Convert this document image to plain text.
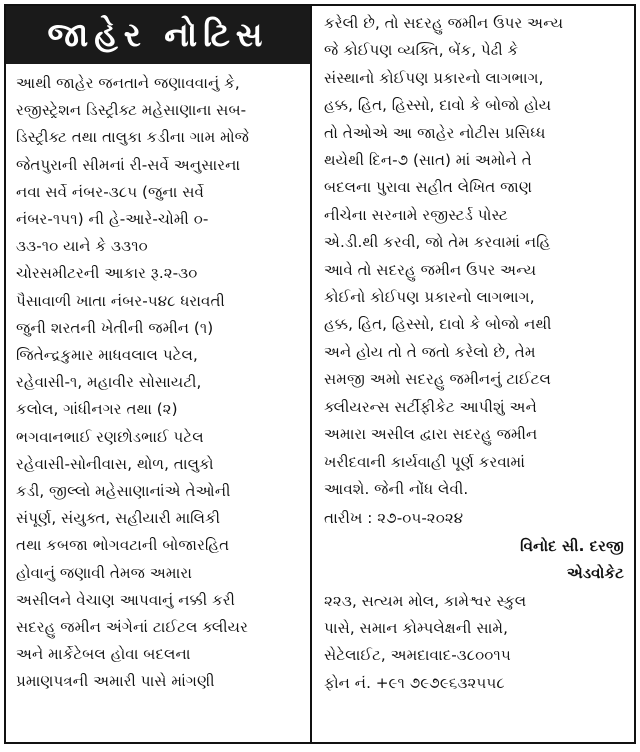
જાહેર નોટિસ
આથી જાહેર જનતાને જણાવવાનું કે,
રજીસ્ટ્રેશન ડિસ્ટ્રીક્ટ મહેસાણાના સબ-
ડિસ્ટ્રીક્ટ તથા તાલુકા કડીના ગામ મોજે
જેતપુરાની સીમનાં રી-સર્વે અનુસારના
નવા સર્વે નંબર-૩૮૫ (જુના સર્વે
નંબર-૧૫૧) ની હે-આરે-ચોમી ૦-
૩૩-૧૦ યાને કે ૩૩૧૦
ચોરસમીટરની આકાર રૂ.૨-૩૦
પૈસાવાળી ખાતા નંબર-૫૪૮ ધરાવતી
જુની શરતની ખેતીની જમીન (૧)
જિતેન્દ્રકુમાર માધવલાલ પટેલ,
રહેવાસી-૧, મહાવીર સોસાયટી,
કલોલ, ગાંધીનગર તથા (૨)
ભગવાનભાઈ રણછોડભાઈ પટેલ
રહેવાસી-સોનીવાસ, થોળ, તાલુકો
કડી, જીલ્લો મહેસાણાનાંએ તેઓની
સંપૂર્ણ, સંયુક્ત, સહીયારી માલિકી
તથા કબજા ભોગવટાની બોજારહિત
હોવાનું જણાવી તેમજ અમારા
અસીલને વેચાણ આપવાનું નક્કી કરી
સદરહુ જમીન અંગેનાં ટાઈટલ ક્લીયર
અને માર્કેટેબલ હોવા બદલના
પ્રમાણપત્રની અમારી પાસે માંગણી
કરેલી છે, તો સદરહુ જમીન ઉપર અન્ય
જે કોઈપણ વ્યક્તિ, બેંક, પેઢી કે
સંસ્થાનો કોઈપણ પ્રકારનો લાગભાગ,
હક્ક, હિત, હિસ્સો, દાવો કે બોજો હોય
તો તેઓએ આ જાહેર નોટીસ પ્રસિધ્ધ
થયેથી દિન-૭ (સાત) માં અમોને તે
બદલના પુરાવા સહીત લેખિત જાણ
નીચેના સરનામે રજીસ્ટર્ડ પોસ્ટ
એ.ડી.થી કરવી, જો તેમ કરવામાં નહિ
આવે તો સદરહુ જમીન ઉપર અન્ય
કોઈનો કોઈપણ પ્રકારનો લાગભાગ,
હક્ક, હિત, હિસ્સો, દાવો કે બોજો નથી
અને હોય તો તે જતો કરેલો છે, તેમ
સમજી અમો સદરહુ જમીનનું ટાઈટલ
ક્લીયરન્સ સર્ટીફીકેટ આપીશું અને
અમારા અસીલ દ્વારા સદરહુ જમીન
ખરીદવાની કાર્યવાહી પૂર્ણ કરવામાં
આવશે. જેની નોંધ લેવી.
તારીખ : ૨૭-૦૫-૨૦૨૪
વિનોદ સી. દરજી
એડવોકેટ
૨૨૩, સત્યમ મોલ, કામેશ્વર સ્કુલ
પાસે, સમાન કોમ્પલેક્ષની સામે,
સેટેલાઈટ, અમદાવાદ-૩૮૦૦૧૫
ફોન નં. +૯૧ ૭૯૭૯૬૩૨૫૫૮
